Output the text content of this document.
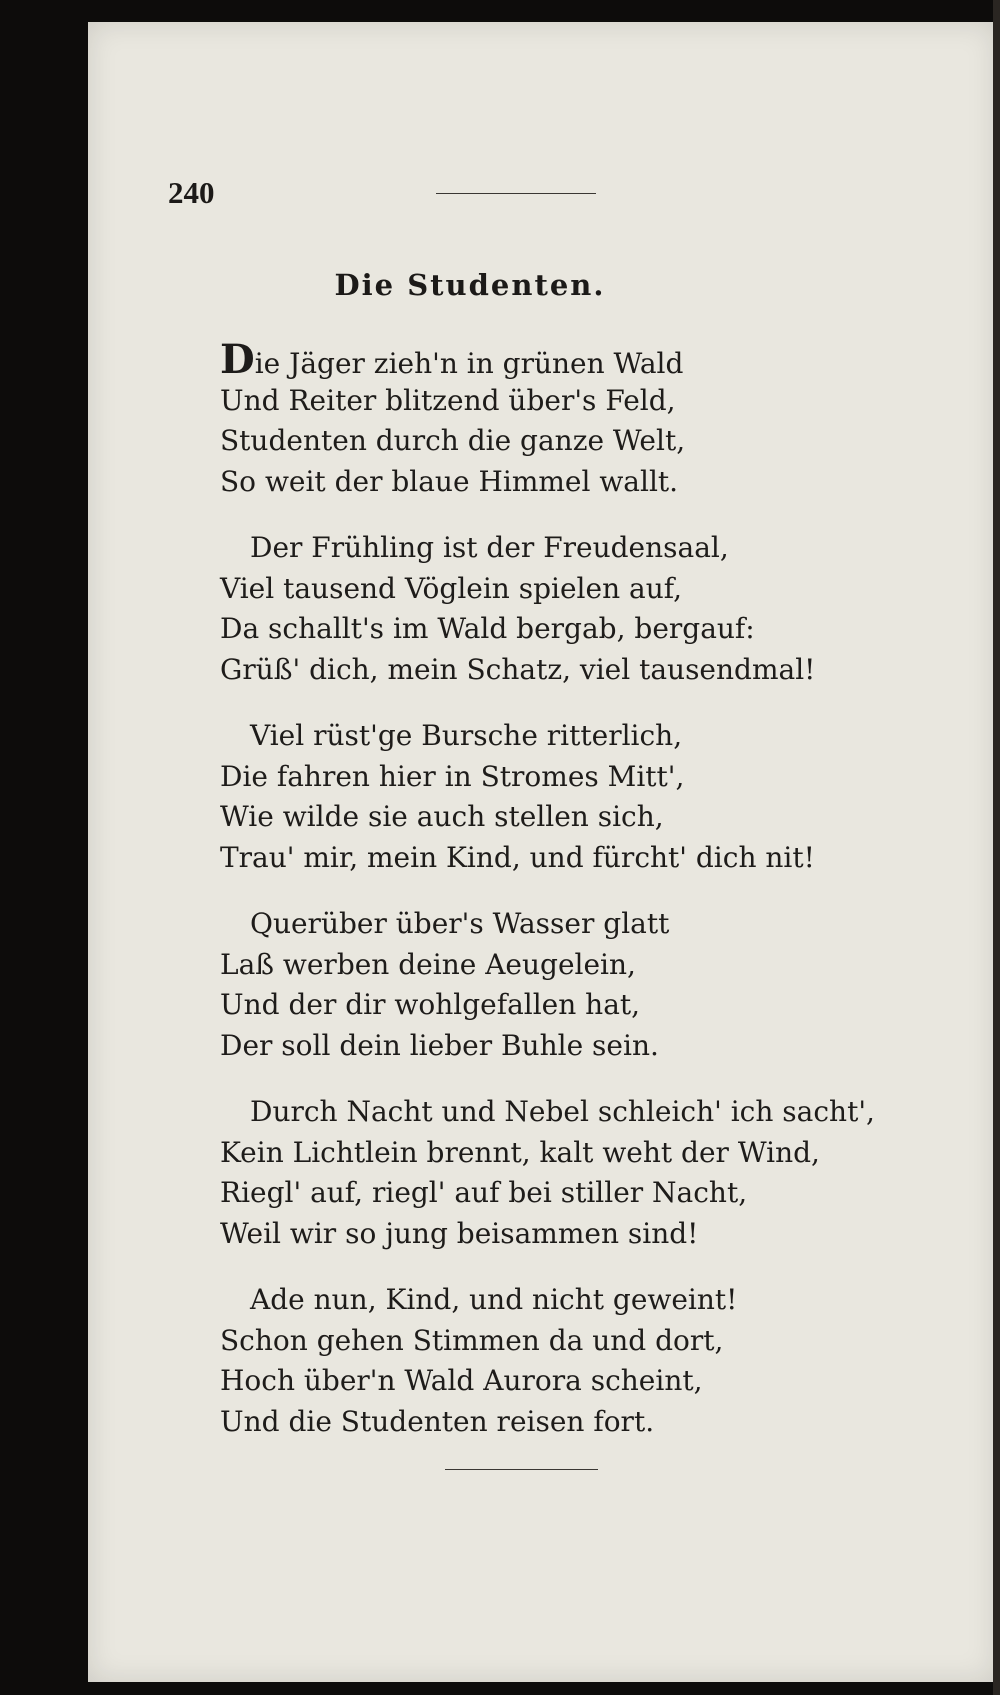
240
Die Studenten.
Die Jäger zieh'n in grünen Wald
Und Reiter blitzend über's Feld,
Studenten durch die ganze Welt,
So weit der blaue Himmel wallt.
Der Frühling ist der Freudensaal,
Viel tausend Vöglein spielen auf,
Da schallt's im Wald bergab, bergauf:
Grüß' dich, mein Schatz, viel tausendmal!
Viel rüst'ge Bursche ritterlich,
Die fahren hier in Stromes Mitt',
Wie wilde sie auch stellen sich,
Trau' mir, mein Kind, und fürcht' dich nit!
Querüber über's Wasser glatt
Laß werben deine Aeugelein,
Und der dir wohlgefallen hat,
Der soll dein lieber Buhle sein.
Durch Nacht und Nebel schleich' ich sacht',
Kein Lichtlein brennt, kalt weht der Wind,
Riegl' auf, riegl' auf bei stiller Nacht,
Weil wir so jung beisammen sind!
Ade nun, Kind, und nicht geweint!
Schon gehen Stimmen da und dort,
Hoch über'n Wald Aurora scheint,
Und die Studenten reisen fort.
